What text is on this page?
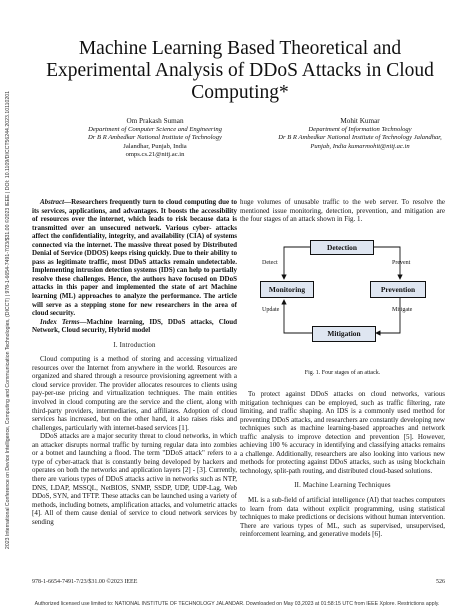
2023 International Conference on Device Intelligence, Computing and Communication Technologies, (DICCT) | 978-1-6654-7491-7/23/$31.00 ©2023 IEEE | DOI: 10.1109/DICCT56244.2023.10110201
Machine Learning Based Theoretical and Experimental Analysis of DDoS Attacks in Cloud Computing*
Om Prakash Suman
Department of Computer Science and Engineering
Dr B R Ambedkar National Institute of Technology
Jalandhar, Punjab, India
omps.cs.21@nitj.ac.in
Mohit Kumar
Department of Information Technology
Dr B R Ambedkar National Institute of Technology Jalandhar,
Punjab, India kumarmohit@nitj.ac.in

Abstract—Researchers frequently turn to cloud computing due to its services, applications, and advantages. It boosts the accessibility of resources over the internet, which leads to risk because data is transmitted over an unsecured network. Various cyber- attacks affect the confidentiality, integrity, and availability (CIA) of systems connected via the internet. The massive threat posed by Distributed Denial of Service (DDOS) keeps rising quickly. Due to their ability to pass as legitimate traffic, most DDoS attacks remain undetectable. Implementing intrusion detection systems (IDS) can help to partially resolve these challenges. Hence, the authors have focused on DDoS attacks in this paper and implemented the state of art Machine learning (ML) approaches to analyze the performance. The article will serve as a stepping stone for new researchers in the area of cloud security.

Index Terms—Machine learning, IDS, DDoS attacks, Cloud Network, Cloud security, Hybrid model

I. Introduction

Cloud computing is a method of storing and accessing virtualized resources over the Internet from anywhere in the world. Resources are organized and shared through a resource provisioning agreement with a cloud service provider. The provider allocates resources to clients using pay-per-use pricing and virtualization techniques. The main entities involved in cloud computing are the service and the client, along with third-party providers, intermediaries, and affiliates. Adoption of cloud services has increased, but on the other hand, it also raises risks and challenges, particularly with internet-based services [1].

DDoS attacks are a major security threat to cloud networks, in which an attacker disrupts normal traffic by turning regular data into zombies or a botnet and launching a flood. The term "DDoS attack" refers to a type of cyber-attack that is constantly being developed by hackers and operates on both the networks and application layers [2] - [3]. Currently, there are various types of DDoS attacks active in networks such as NTP, DNS, LDAP, MSSQL, NetBIOS, SNMP, SSDP, UDP, UDP-Lag, Web DDoS, SYN, and TFTP. These attacks can be launched using a variety of methods, including botnets, amplification attacks, and volumetric attacks [4]. All of them cause denial of service to cloud network services by sending

huge volumes of unusable traffic to the web server. To resolve the mentioned issue monitoring, detection, prevention, and mitigation are the four stages of an attack shown in Fig. 1.

Detection
Monitoring	Prevention
Mitigation
Detect	Prevent
Update	Mitigate
Fig. 1. Four stages of an attack.

To protect against DDoS attacks on cloud networks, various mitigation techniques can be employed, such as traffic filtering, rate limiting, and traffic shaping. An IDS is a commonly used method for preventing DDoS attacks, and researchers are constantly developing new techniques such as machine learning-based approaches and network traffic analysis to improve detection and prevention [5]. However, achieving 100 % accuracy in identifying and classifying attacks remains a challenge. Additionally, researchers are also looking into various new methods for protecting against DDoS attacks, such as using blockchain technology, split-path routing, and distributed cloud-based solutions.

II. Machine Learning Techniques

ML is a sub-field of artificial intelligence (AI) that teaches computers to learn from data without explicit programming, using statistical techniques to make predictions or decisions without human intervention. There are various types of ML, such as supervised, unsupervised, reinforcement learning, and generative models [6].

978-1-6654-7491-7/23/$31.00 ©2023 IEEE	526
Authorized licensed use limited to: NATIONAL INSTITUTE OF TECHNOLOGY JALANDAR. Downloaded on May 03,2023 at 01:58:15 UTC from IEEE Xplore. Restrictions apply.
